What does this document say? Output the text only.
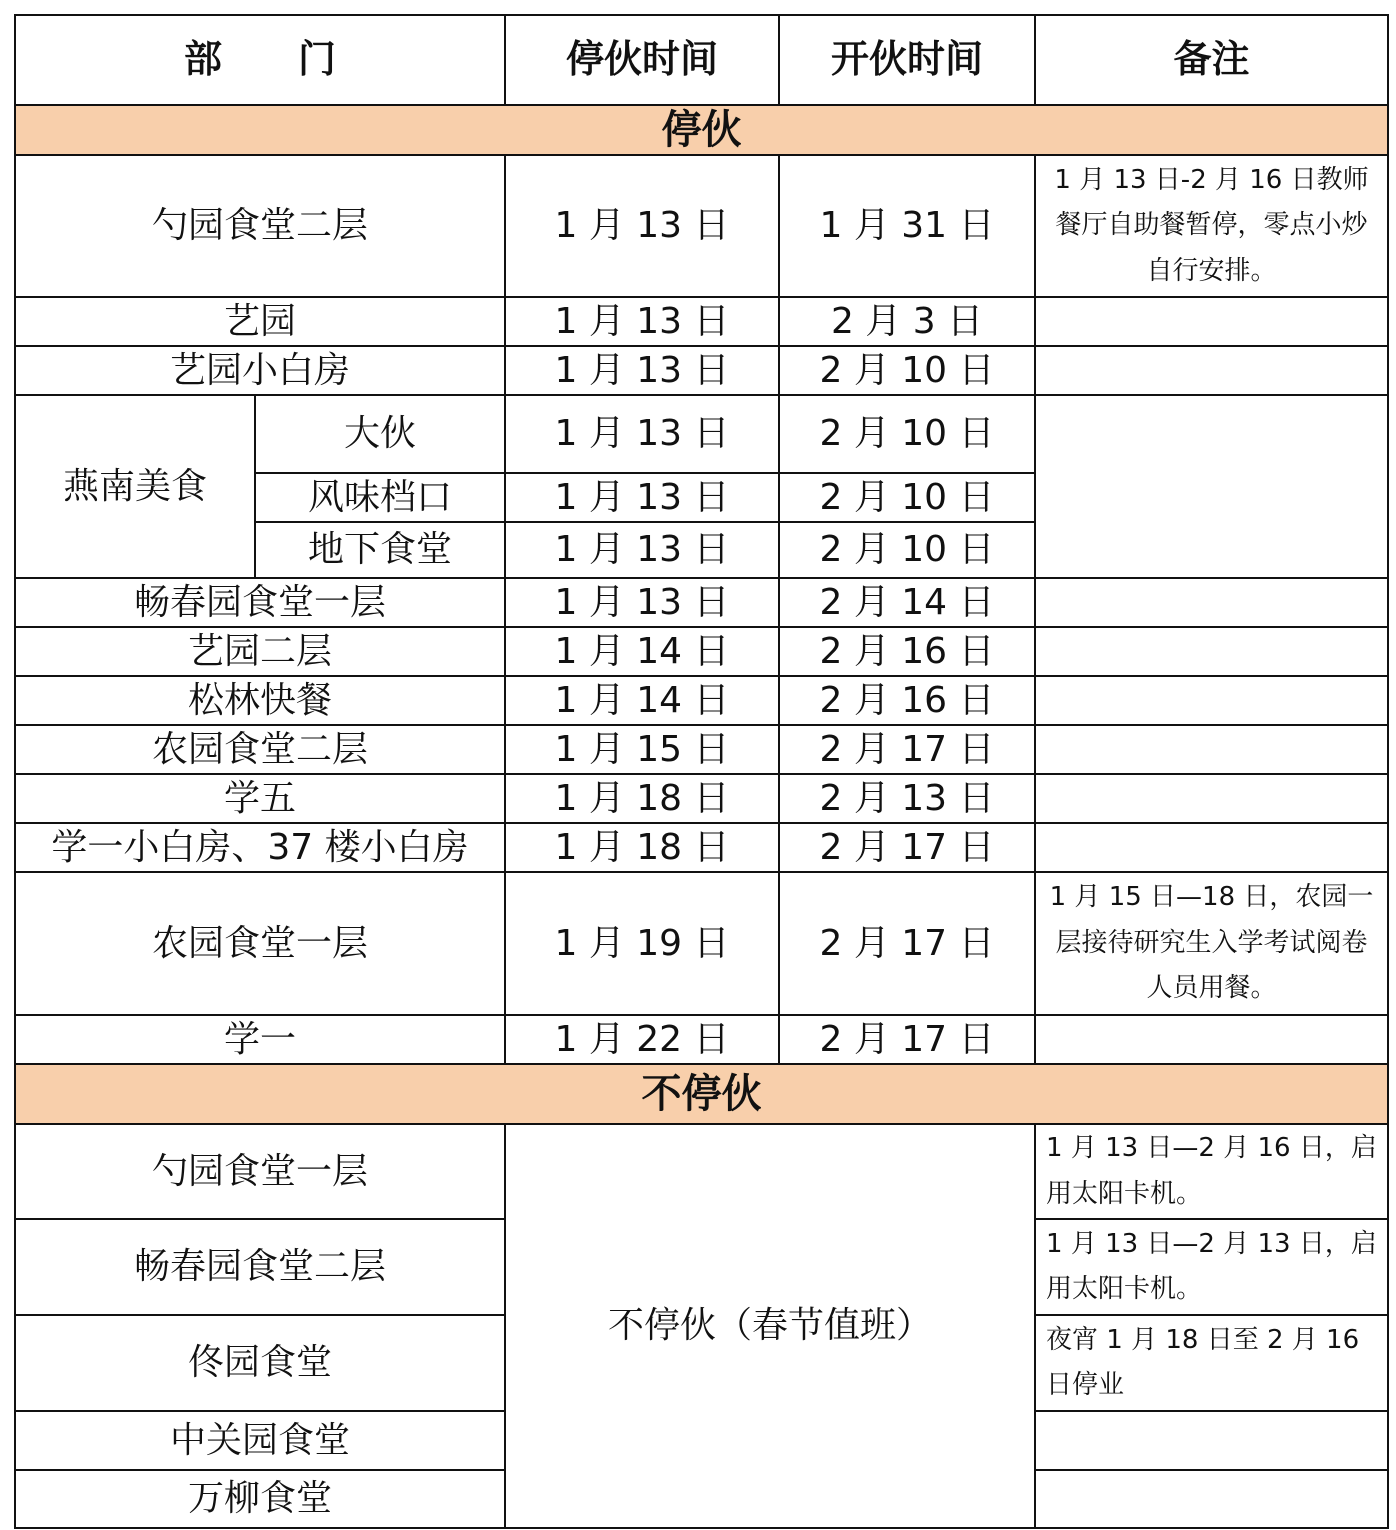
部　　门		停伙时间	开伙时间	备注
停伙				
勺园食堂二层		1 月 13 日	1 月 31 日	1 月 13 日-2 月 16 日教师餐厅自助餐暂停，零点小炒自行安排。
艺园		1 月 13 日	2 月 3 日	
艺园小白房		1 月 13 日	2 月 10 日	
燕南美食	大伙	1 月 13 日	2 月 10 日	
	风味档口	1 月 13 日	2 月 10 日	
	地下食堂	1 月 13 日	2 月 10 日	
畅春园食堂一层		1 月 13 日	2 月 14 日	
艺园二层		1 月 14 日	2 月 16 日	
松林快餐		1 月 14 日	2 月 16 日	
农园食堂二层		1 月 15 日	2 月 17 日	
学五		1 月 18 日	2 月 13 日	
学一小白房、37 楼小白房		1 月 18 日	2 月 17 日	
农园食堂一层		1 月 19 日	2 月 17 日	1 月 15 日—18 日，农园一层接待研究生入学考试阅卷人员用餐。
学一		1 月 22 日	2 月 17 日	
不停伙				
勺园食堂一层		不停伙（春节值班）		1 月 13 日—2 月 16 日，启用太阳卡机。
畅春园食堂二层				1 月 13 日—2 月 13 日，启用太阳卡机。
佟园食堂				夜宵 1 月 18 日至 2 月 16 日停业
中关园食堂				
万柳食堂				
